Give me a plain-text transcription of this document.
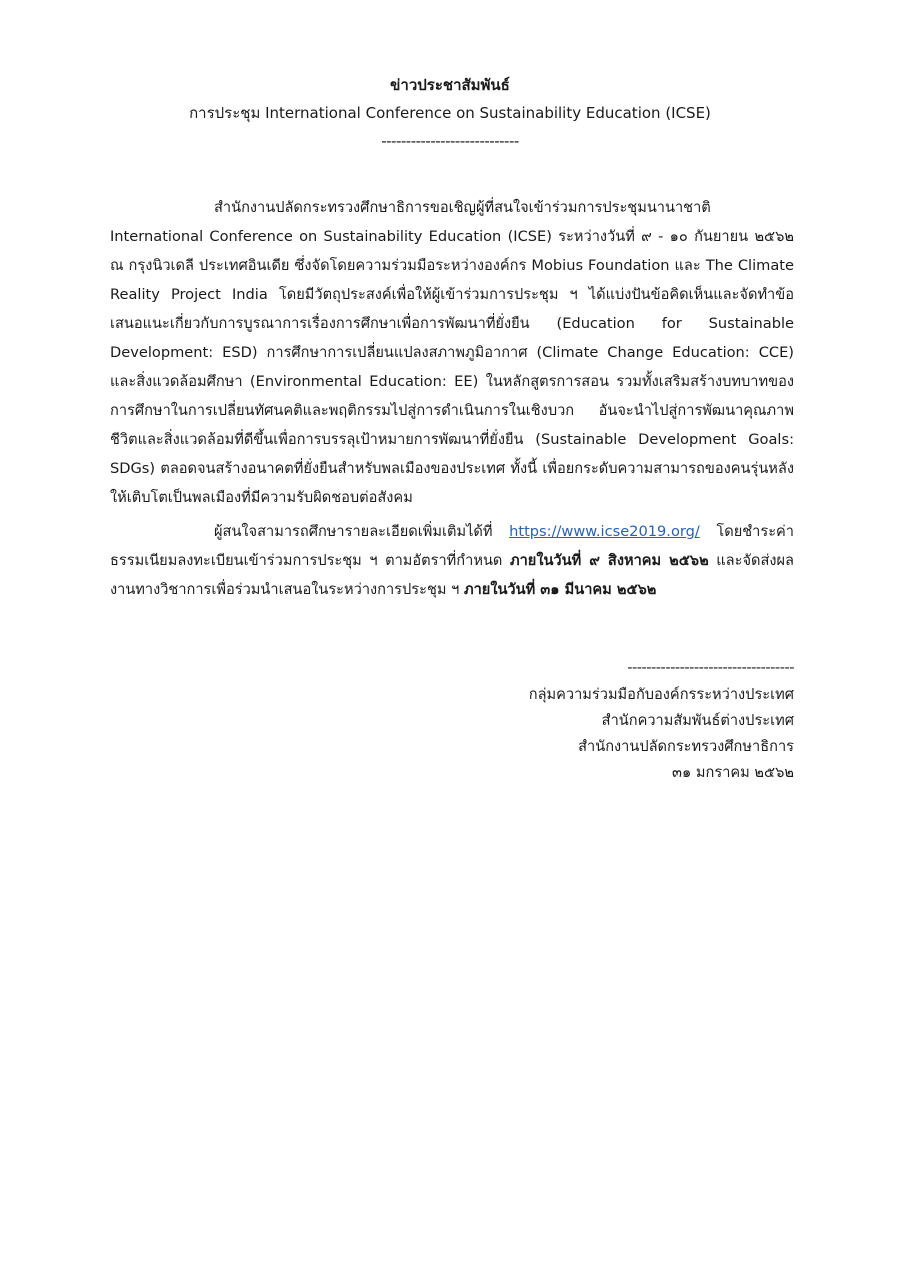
ข่าวประชาสัมพันธ์
การประชุม International Conference on Sustainability Education (ICSE)
----------------------------

สำนักงานปลัดกระทรวงศึกษาธิการขอเชิญผู้ที่สนใจเข้าร่วมการประชุมนานาชาติ International Conference on Sustainability Education (ICSE) ระหว่างวันที่ ๙ - ๑๐ กันยายน ๒๕๖๒ ณ กรุงนิวเดลี ประเทศอินเดีย ซึ่งจัดโดยความร่วมมือระหว่างองค์กร Mobius Foundation และ The Climate Reality Project India โดยมีวัตถุประสงค์เพื่อให้ผู้เข้าร่วมการประชุม ฯ ได้แบ่งปันข้อคิดเห็นและจัดทำข้อเสนอแนะเกี่ยวกับการบูรณาการเรื่องการศึกษาเพื่อการพัฒนาที่ยั่งยืน (Education for Sustainable Development: ESD) การศึกษาการเปลี่ยนแปลงสภาพภูมิอากาศ (Climate Change Education: CCE) และสิ่งแวดล้อมศึกษา (Environmental Education: EE) ในหลักสูตรการสอน รวมทั้งเสริมสร้างบทบาทของการศึกษาในการเปลี่ยนทัศนคติและพฤติกรรมไปสู่การดำเนินการในเชิงบวก อันจะนำไปสู่การพัฒนาคุณภาพชีวิตและสิ่งแวดล้อมที่ดีขึ้นเพื่อการบรรลุเป้าหมายการพัฒนาที่ยั่งยืน (Sustainable Development Goals: SDGs) ตลอดจนสร้างอนาคตที่ยั่งยืนสำหรับพลเมืองของประเทศ ทั้งนี้ เพื่อยกระดับความสามารถของคนรุ่นหลังให้เติบโตเป็นพลเมืองที่มีความรับผิดชอบต่อสังคม

ผู้สนใจสามารถศึกษารายละเอียดเพิ่มเติมได้ที่ https://www.icse2019.org/ โดยชำระค่าธรรมเนียมลงทะเบียนเข้าร่วมการประชุม ฯ ตามอัตราที่กำหนด ภายในวันที่ ๙ สิงหาคม ๒๕๖๒ และจัดส่งผลงานทางวิชาการเพื่อร่วมนำเสนอในระหว่างการประชุม ฯ ภายในวันที่ ๓๑ มีนาคม ๒๕๖๒

-----------------------------------
กลุ่มความร่วมมือกับองค์กรระหว่างประเทศ
สำนักความสัมพันธ์ต่างประเทศ
สำนักงานปลัดกระทรวงศึกษาธิการ
๓๑ มกราคม ๒๕๖๒
